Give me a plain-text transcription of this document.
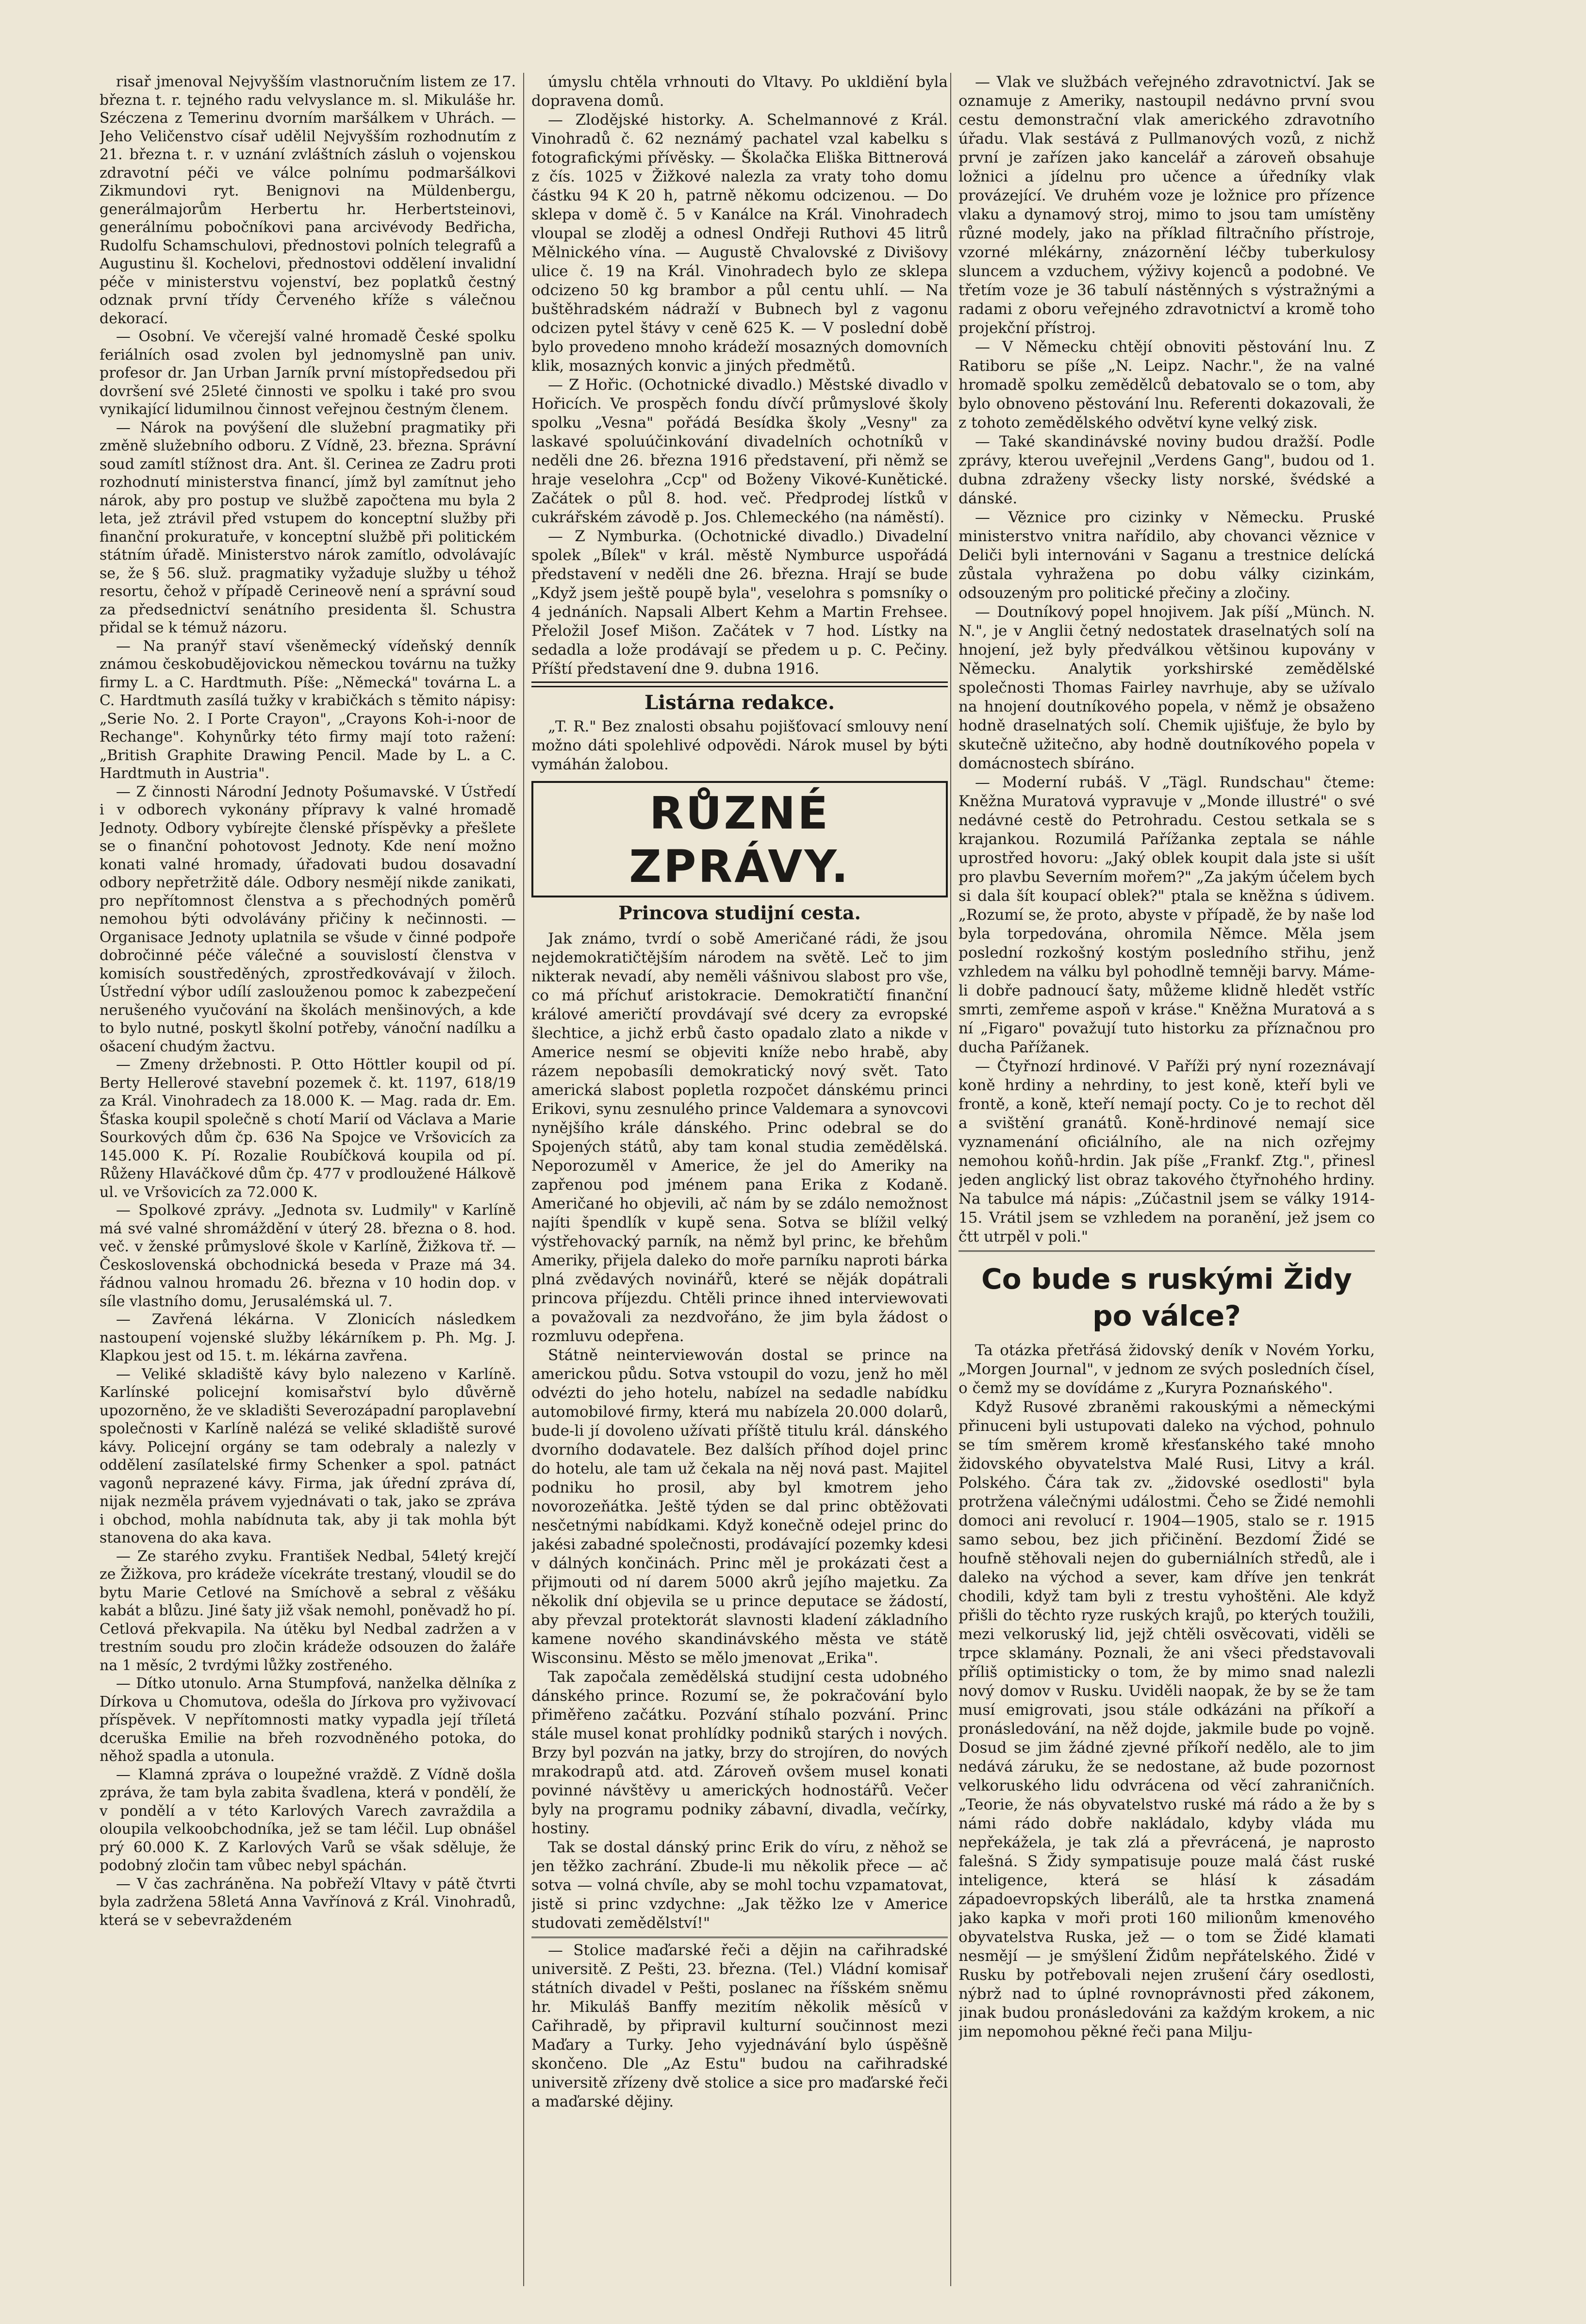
risař jmenoval Nejvyšším vlastnoručním listem ze 17. března t. r. tejného radu velvyslance m. sl. Mikuláše hr. Széczena z Temerinu dvorním maršálkem v Uhrách. — Jeho Veličenstvo císař udělil Nejvyšším rozhodnutím z 21. března t. r. v uznání zvláštních zásluh o vojenskou zdravotní péči ve válce polnímu podmaršálkovi Zikmundovi ryt. Benignovi na Müldenbergu, generálmajorům Herbertu hr. Herbertsteinovi, generálnímu pobočníkovi pana arcivévody Bedřicha, Rudolfu Schamschulovi, přednostovi polních telegrafů a Augustinu šl. Kochelovi, přednostovi oddělení invalidní péče v ministerstvu vojenství, bez poplatků čestný odznak první třídy Červeného kříže s válečnou dekorací.

— Osobní. Ve včerejší valné hromadě České spolku feriálních osad zvolen byl jednomyslně pan univ. profesor dr. Jan Urban Jarník první místopředsedou při dovršení své 25leté činnosti ve spolku i také pro svou vynikající lidumilnou činnost veřejnou čestným členem.

— Nárok na povýšení dle služební pragmatiky při změně služebního odboru. Z Vídně, 23. března. Správní soud zamítl stížnost dra. Ant. šl. Cerinea ze Zadru proti rozhodnutí ministerstva financí, jímž byl zamítnut jeho nárok, aby pro postup ve službě započtena mu byla 2 leta, jež ztrávil před vstupem do konceptní služby při finanční prokuratuře, v konceptní službě při politickém státním úřadě. Ministerstvo nárok zamítlo, odvolávajíc se, že § 56. služ. pragmatiky vyžaduje služby u téhož resortu, čehož v případě Cerineově není a správní soud za předsednictví senátního presidenta šl. Schustra přidal se k témuž názoru.

— Na pranýř staví všeněmecký vídeňský denník známou českobudějovickou německou továrnu na tužky firmy L. a C. Hardtmuth. Píše: „Německá" továrna L. a C. Hardtmuth zasílá tužky v krabičkách s těmito nápisy: „Serie No. 2. I Porte Crayon", „Crayons Koh-i-noor de Rechange". Kohynůrky této firmy mají toto ražení: „British Graphite Drawing Pencil. Made by L. a C. Hardtmuth in Austria".

— Z činnosti Národní Jednoty Pošumavské. V Ústředí i v odborech vykonány přípravy k valné hromadě Jednoty. Odbory vybírejte členské příspěvky a přešlete se o finanční pohotovost Jednoty. Kde není možno konati valné hromady, úřadovati budou dosavadní odbory nepřetržitě dále. Odbory nesmějí nikde zanikati, pro nepřítomnost členstva a s přechodných poměrů nemohou býti odvolávány přičiny k nečinnosti. — Organisace Jednoty uplatnila se všude v činné podpoře dobročinné péče válečné a souvislostí členstva v komisích soustředěných, zprostředkovávají v žiloch. Ústřední výbor udílí zaslouženou pomoc k zabezpečení nerušeného vyučování na školách menšinových, a kde to bylo nutné, poskytl školní potřeby, vánoční nadílku a ošacení chudým žactvu.

— Zmeny držebnosti. P. Otto Höttler koupil od pí. Berty Hellerové stavební pozemek č. kt. 1197, 618/19 za Král. Vinohradech za 18.000 K. — Mag. rada dr. Em. Šťaska koupil společně s chotí Marií od Václava a Marie Sourkových dům čp. 636 Na Spojce ve Vršovicích za 145.000 K. Pí. Rozalie Roubíčková koupila od pí. Růženy Hlaváčkové dům čp. 477 v prodloužené Hálkově ul. ve Vršovicích za 72.000 K.

— Spolkové zprávy. „Jednota sv. Ludmily" v Karlíně má své valné shromáždění v úterý 28. března o 8. hod. več. v ženské průmyslové škole v Karlíně, Žižkova tř. — Československá obchodnická beseda v Praze má 34. řádnou valnou hromadu 26. března v 10 hodin dop. v síle vlastního domu, Jerusalémská ul. 7.

— Zavřená lékárna. V Zlonicích následkem nastoupení vojenské služby lékárníkem p. Ph. Mg. J. Klapkou jest od 15. t. m. lékárna zavřena.

— Veliké skladiště kávy bylo nalezeno v Karlíně. Karlínské policejní komisařství bylo důvěrně upozorněno, že ve skladišti Severozápadní paroplavební společnosti v Karlíně nalézá se veliké skladiště surové kávy. Policejní orgány se tam odebraly a nalezly v oddělení zasílatelské firmy Schenker a spol. patnáct vagonů neprazené kávy. Firma, jak úřední zpráva dí, nijak nezměla právem vyjednávati o tak, jako se zpráva i obchod, mohla nabídnuta tak, aby ji tak mohla být stanovena do aka kava.

— Ze starého zvyku. František Nedbal, 54letý krejčí ze Žižkova, pro krádeže vícekráte trestaný, vloudil se do bytu Marie Cetlové na Smíchově a sebral z věšáku kabát a blůzu. Jiné šaty již však nemohl, poněvadž ho pí. Cetlová překvapila. Na útěku byl Nedbal zadržen a v trestním soudu pro zločin krádeže odsouzen do žaláře na 1 měsíc, 2 tvrdými lůžky zostřeného.

— Dítko utonulo. Arna Stumpfová, nanželka dělníka z Dírkova u Chomutova, odešla do Jírkova pro vyživovací příspěvek. V nepřítomnosti matky vypadla její tříletá dceruška Emilie na břeh rozvodněného potoka, do něhož spadla a utonula.

— Klamná zpráva o loupežné vraždě. Z Vídně došla zpráva, že tam byla zabita švadlena, která v pondělí, že v pondělí a v této Karlových Varech zavraždila a oloupila velkoobchodníka, jež se tam léčil. Lup obnášel prý 60.000 K. Z Karlových Varů se však sděluje, že podobný zločin tam vůbec nebyl spáchán.

— V čas zachráněna. Na pobřeží Vltavy v pátě čtvrti byla zadržena 58letá Anna Vavřínová z Král. Vinohradů, která se v sebevraždeném

úmyslu chtěla vrhnouti do Vltavy. Po ukldiění byla dopravena domů.

— Zlodějské historky. A. Schelmannové z Král. Vinohradů č. 62 neznámý pachatel vzal kabelku s fotografickými přívěsky. — Školačka Eliška Bittnerová z čís. 1025 v Žižkové nalezla za vraty toho domu částku 94 K 20 h, patrně někomu odcizenou. — Do sklepa v domě č. 5 v Kanálce na Král. Vinohradech vloupal se zloděj a odnesl Ondřeji Ruthovi 45 litrů Mělnického vína. — Augustě Chvalovské z Divišovy ulice č. 19 na Král. Vinohradech bylo ze sklepa odcizeno 50 kg brambor a půl centu uhlí. — Na buštěhradském nádraží v Bubnech byl z vagonu odcizen pytel štávy v ceně 625 K. — V poslední době bylo provedeno mnoho krádeží mosazných domovních klik, mosazných konvic a jiných předmětů.

— Z Hořic. (Ochotnické divadlo.) Městské divadlo v Hořicích. Ve prospěch fondu dívčí průmyslové školy spolku „Vesna" pořádá Besídka školy „Vesny" za laskavé spoluúčinkování divadelních ochotníků v neděli dne 26. března 1916 představení, při němž se hraje veselohra „Ccp" od Boženy Vikové-Kunětické. Začátek o půl 8. hod. več. Předprodej lístků v cukrářském závodě p. Jos. Chlemeckého (na náměstí).

— Z Nymburka. (Ochotnické divadlo.) Divadelní spolek „Bílek" v král. městě Nymburce uspořádá představení v neděli dne 26. března. Hrají se bude „Když jsem ještě poupě byla", veselohra s pomsníky o 4 jednáních. Napsali Albert Kehm a Martin Frehsee. Přeložil Josef Mišon. Začátek v 7 hod. Lístky na sedadla a lože prodávají se předem u p. C. Pečiny. Příští představení dne 9. dubna 1916.

Listárna redakce.

„T. R." Bez znalosti obsahu pojišťovací smlouvy není možno dáti spolehlivé odpovědi. Nárok musel by býti vymáhán žalobou.

RŮZNÉ ZPRÁVY.
Princova studijní cesta.

Jak známo, tvrdí o sobě Američané rádi, že jsou nejdemokratičtějším národem na světě. Leč to jim nikterak nevadí, aby neměli vášnivou slabost pro vše, co má příchuť aristokracie. Demokratičtí finanční králové američtí provdávají své dcery za evropské šlechtice, a jichž erbů často opadalo zlato a nikde v Americe nesmí se objeviti kníže nebo hrabě, aby rázem nepobasíli demokratický nový svět. Tato americká slabost popletla rozpočet dánskému princi Erikovi, synu zesnulého prince Valdemara a synovcovi nynějšího krále dánského. Princ odebral se do Spojených států, aby tam konal studia zemědělská. Neporozuměl v Americe, že jel do Ameriky na zapřenou pod jménem pana Erika z Kodaně. Američané ho objevili, ač nám by se zdálo nemožnost najíti špendlík v kupě sena. Sotva se blížil velký výstřehovacký parník, na němž byl princ, ke břehům Ameriky, přijela daleko do moře parníku naproti bárka plná zvědavých novinářů, které se něják dopátrali princova příjezdu. Chtěli prince ihned interviewovati a považovali za nezdvořáno, že jim byla žádost o rozmluvu odepřena.

Státně neinterviewován dostal se prince na americkou půdu. Sotva vstoupil do vozu, jenž ho měl odvézti do jeho hotelu, nabízel na sedadle nabídku automobilové firmy, která mu nabízela 20.000 dolarů, bude-li jí dovoleno užívati příště titulu král. dánského dvorního dodavatele. Bez dalších příhod dojel princ do hotelu, ale tam už čekala na něj nová past. Majitel podniku ho prosil, aby byl kmotrem jeho novorozeňátka. Ještě týden se dal princ obtěžovati nesčetnými nabídkami. Když konečně odejel princ do jakési zabadné společnosti, prodávající pozemky kdesi v dálných končinách. Princ měl je prokázati čest a přijmouti od ní darem 5000 akrů jejího majetku. Za několik dní objevila se u prince deputace se žádostí, aby převzal protektorát slavnosti kladení základního kamene nového skandinávského města ve státě Wisconsinu. Město se mělo jmenovat „Erika".

Tak započala zemědělská studijní cesta udobného dánského prince. Rozumí se, že pokračování bylo přiměřeno začátku. Pozvání stíhalo pozvání. Princ stále musel konat prohlídky podniků starých i nových. Brzy byl pozván na jatky, brzy do strojíren, do nových mrakodrapů atd. atd. Zároveň ovšem musel konati povinné návštěvy u amerických hodnostářů. Večer byly na programu podniky zábavní, divadla, večírky, hostiny.

Tak se dostal dánský princ Erik do víru, z něhož se jen těžko zachrání. Zbude-li mu několik přece — ač sotva — volná chvíle, aby se mohl tochu vzpamatovat, jistě si princ vzdychne: „Jak těžko lze v Americe studovati zemědělství!"

— Stolice maďarské řeči a dějin na cařihradské universitě. Z Pešti, 23. března. (Tel.) Vládní komisař státních divadel v Pešti, poslanec na říšském sněmu hr. Mikuláš Banffy mezitím několik měsíců v Cařihradě, by připravil kulturní součinnost mezi Maďary a Turky. Jeho vyjednávání bylo úspěšně skončeno. Dle „Az Estu" budou na cařihradské universitě zřízeny dvě stolice a sice pro maďarské řeči a maďarské dějiny.

— Vlak ve službách veřejného zdravotnictví. Jak se oznamuje z Ameriky, nastoupil nedávno první svou cestu demonstrační vlak amerického zdravotního úřadu. Vlak sestává z Pullmanových vozů, z nichž první je zařízen jako kancelář a zároveň obsahuje ložnici a jídelnu pro učence a úředníky vlak provázející. Ve druhém voze je ložnice pro přízence vlaku a dynamový stroj, mimo to jsou tam umístěny různé modely, jako na příklad filtračního přístroje, vzorné mlékárny, znázornění léčby tuberkulosy sluncem a vzduchem, výživy kojenců a podobné. Ve třetím voze je 36 tabulí nástěnných s výstražnými a radami z oboru veřejného zdravotnictví a kromě toho projekční přístroj.

— V Německu chtějí obnoviti pěstování lnu. Z Ratiboru se píše „N. Leipz. Nachr.", že na valné hromadě spolku zemědělců debatovalo se o tom, aby bylo obnoveno pěstování lnu. Referenti dokazovali, že z tohoto zemědělského odvětví kyne velký zisk.

— Také skandinávské noviny budou dražší. Podle zprávy, kterou uveřejnil „Verdens Gang", budou od 1. dubna zdraženy všecky listy norské, švédské a dánské.

— Věznice pro cizinky v Německu. Pruské ministerstvo vnitra nařídilo, aby chovanci věznice v Deliči byli internováni v Saganu a trestnice delícká zůstala vyhražena po dobu války cizinkám, odsouzeným pro politické přečiny a zločiny.

— Doutníkový popel hnojivem. Jak píší „Münch. N. N.", je v Anglii četný nedostatek draselnatých solí na hnojení, jež byly předválkou většinou kupovány v Německu. Analytik yorkshirské zemědělské společnosti Thomas Fairley navrhuje, aby se užívalo na hnojení doutníkového popela, v němž je obsaženo hodně draselnatých solí. Chemik ujišťuje, že bylo by skutečně užitečno, aby hodně doutníkového popela v domácnostech sbíráno.

— Moderní rubáš. V „Tägl. Rundschau" čteme: Kněžna Muratová vypravuje v „Monde illustré" o své nedávné cestě do Petrohradu. Cestou setkala se s krajankou. Rozumilá Pařížanka zeptala se náhle uprostřed hovoru: „Jaký oblek koupit dala jste si ušít pro plavbu Severním mořem?" „Za jakým účelem bych si dala šít koupací oblek?" ptala se kněžna s údivem. „Rozumí se, že proto, abyste v případě, že by naše lod byla torpedována, ohromila Němce. Měla jsem poslední rozkošný kostým posledního střihu, jenž vzhledem na válku byl pohodlně temněji barvy. Máme-li dobře padnoucí šaty, můžeme klidně hledět vstříc smrti, zemřeme aspoň v kráse." Kněžna Muratová a s ní „Figaro" považují tuto historku za příznačnou pro ducha Pařížanek.

— Čtyřnozí hrdinové. V Paříži prý nyní rozeznávají koně hrdiny a nehrdiny, to jest koně, kteří byli ve frontě, a koně, kteří nemají pocty. Co je to rechot děl a svištění granátů. Koně-hrdinové nemají sice vyznamenání oficiálního, ale na nich ozřejmy nemohou koňů-hrdin. Jak píše „Frankf. Ztg.", přinesl jeden anglický list obraz takového čtyřnohého hrdiny. Na tabulce má nápis: „Zúčastnil jsem se války 1914-15. Vrátil jsem se vzhledem na poranění, jež jsem co čtt utrpěl v poli."

Co bude s ruskými Židy po válce?

Ta otázka přetřásá židovský deník v Novém Yorku, „Morgen Journal", v jednom ze svých posledních čísel, o čemž my se dovídáme z „Kuryra Poznańského".

Když Rusové zbraněmi rakouskými a německými přinuceni byli ustupovati daleko na východ, pohnulo se tím směrem kromě křesťanského také mnoho židovského obyvatelstva Malé Rusi, Litvy a král. Polského. Čára tak zv. „židovské osedlosti" byla protržena válečnými událostmi. Čeho se Židé nemohli domoci ani revolucí r. 1904—1905, stalo se r. 1915 samo sebou, bez jich přičinění. Bezdomí Židé se houfně stěhovali nejen do guberniálních středů, ale i daleko na východ a sever, kam dříve jen tenkrát chodili, když tam byli z trestu vyhoštěni. Ale když přišli do těchto ryze ruských krajů, po kterých toužili, mezi velkoruský lid, jejž chtěli osvěcovati, viděli se trpce sklamány. Poznali, že ani všeci představovali příliš optimisticky o tom, že by mimo snad nalezli nový domov v Rusku. Uviděli naopak, že by se že tam musí emigrovati, jsou stále odkázáni na příkoří a pronásledování, na něž dojde, jakmile bude po vojně. Dosud se jim žádné zjevné příkoří nedělo, ale to jim nedává záruku, že se nedostane, až bude pozornost velkoruského lidu odvrácena od věcí zahraničních. „Teorie, že nás obyvatelstvo ruské má rádo a že by s námi rádo dobře nakládalo, kdyby vláda mu nepřekážela, je tak zlá a převrácená, je naprosto falešná. S Židy sympatisuje pouze malá část ruské inteligence, která se hlásí k zásadám západoevropských liberálů, ale ta hrstka znamená jako kapka v moři proti 160 milionům kmenového obyvatelstva Ruska, jež — o tom se Židé klamati nesmějí — je smýšlení Židům nepřátelského. Židé v Rusku by potřebovali nejen zrušení čáry osedlosti, nýbrž nad to úplné rovnoprávnosti před zákonem, jinak budou pronásledováni za každým krokem, a nic jim nepomohou pěkné řeči pana Milju-
